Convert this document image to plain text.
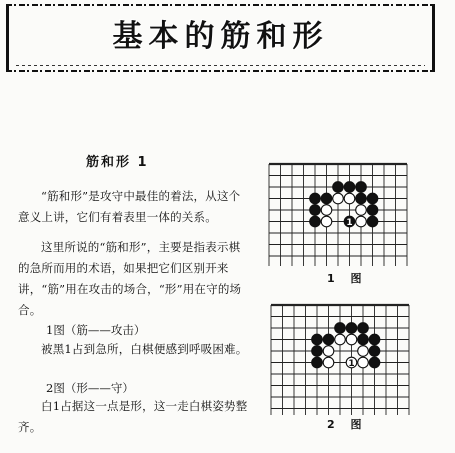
基本的筋和形
筋和形 1

“筋和形”是攻守中最佳的着法，从这个意义上讲，它们有着表里一体的关系。

这里所说的“筋和形”，主要是指表示棋的急所而用的术语，如果把它们区别开来讲，“筋”用在攻击的场合，“形”用在守的场合。

1图（筋——攻击）

被黑1占到急所，白棋便感到呼吸困难。

2图（形——守）

白1占据这一点是形，这一走白棋姿势整齐。

1
1 图
1
2 图
